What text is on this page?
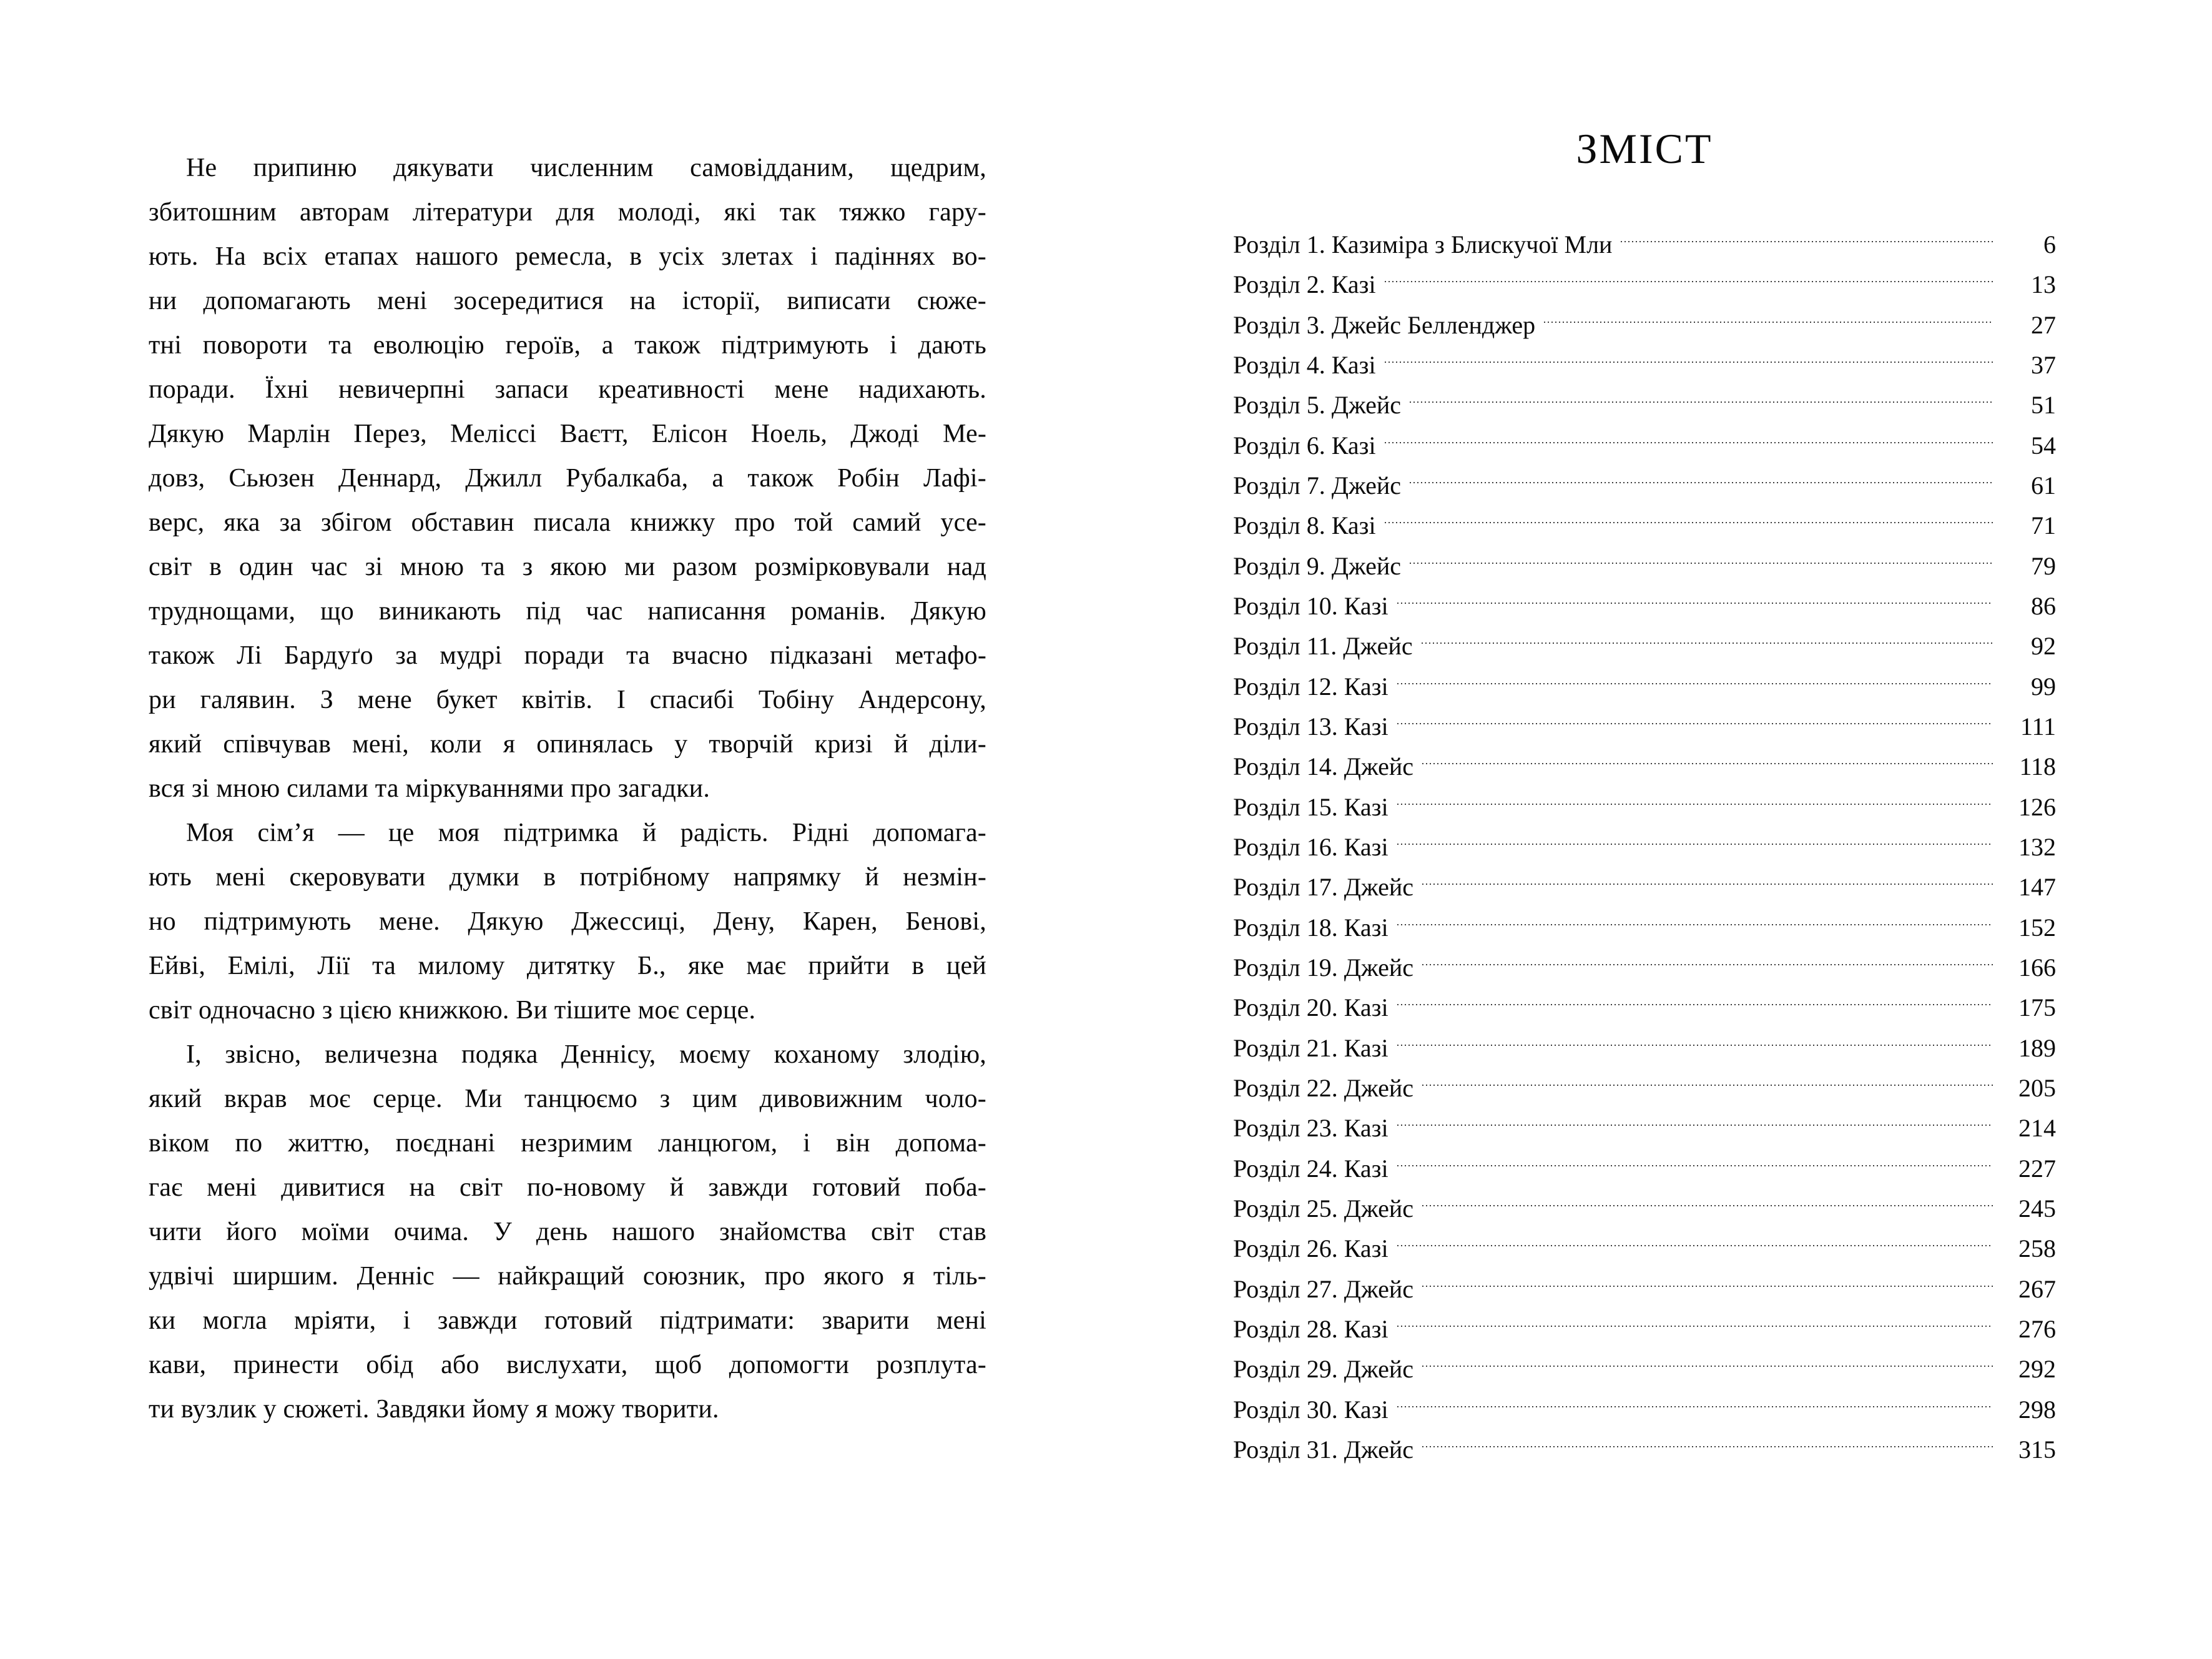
Не припиню дякувати численним самовідданим, щедрим,
збитошним авторам літератури для молоді, які так тяжко гару-
ють. На всіх етапах нашого ремесла, в усіх злетах і падіннях во-
ни допомагають мені зосередитися на історії, виписати сюже-
тні повороти та еволюцію героїв, а також підтримують і дають
поради. Їхні невичерпні запаси креативності мене надихають.
Дякую Марлін Перез, Меліссі Ваєтт, Елісон Ноель, Джоді Ме-
довз, Сьюзен Деннард, Джилл Рубалкаба, а також Робін Лафі-
верс, яка за збігом обставин писала книжку про той самий усе-
світ в один час зі мною та з якою ми разом розмірковували над
труднощами, що виникають під час написання романів. Дякую
також Лі Бардуґо за мудрі поради та вчасно підказані метафо-
ри галявин. З мене букет квітів. І спасибі Тобіну Андерсону,
який співчував мені, коли я опинялась у творчій кризі й діли-
вся зі мною силами та міркуваннями про загадки.
Моя сім’я — це моя підтримка й радість. Рідні допомага-
ють мені скеровувати думки в потрібному напрямку й незмін-
но підтримують мене. Дякую Джессиці, Дену, Карен, Бенові,
Ейві, Емілі, Лії та милому дитятку Б., яке має прийти в цей
світ одночасно з цією книжкою. Ви тішите моє серце.
І, звісно, величезна подяка Деннісу, моєму коханому злодію,
який вкрав моє серце. Ми танцюємо з цим дивовижним чоло-
віком по життю, поєднані незримим ланцюгом, і він допома-
гає мені дивитися на світ по-новому й завжди готовий поба-
чити його моїми очима. У день нашого знайомства світ став
удвічі ширшим. Денніс — найкращий союзник, про якого я тіль-
ки могла мріяти, і завжди готовий підтримати: зварити мені
кави, принести обід або вислухати, щоб допомогти розплута-
ти вузлик у сюжеті. Завдяки йому я можу творити.
ЗМІСТ
Розділ 1. Казиміра з Блискучої Мли	6
Розділ 2. Казі	13
Розділ 3. Джейс Белленджер	27
Розділ 4. Казі	37
Розділ 5. Джейс	51
Розділ 6. Казі	54
Розділ 7. Джейс	61
Розділ 8. Казі	71
Розділ 9. Джейс	79
Розділ 10. Казі	86
Розділ 11. Джейс	92
Розділ 12. Казі	99
Розділ 13. Казі	111
Розділ 14. Джейс	118
Розділ 15. Казі	126
Розділ 16. Казі	132
Розділ 17. Джейс	147
Розділ 18. Казі	152
Розділ 19. Джейс	166
Розділ 20. Казі	175
Розділ 21. Казі	189
Розділ 22. Джейс	205
Розділ 23. Казі	214
Розділ 24. Казі	227
Розділ 25. Джейс	245
Розділ 26. Казі	258
Розділ 27. Джейс	267
Розділ 28. Казі	276
Розділ 29. Джейс	292
Розділ 30. Казі	298
Розділ 31. Джейс	315
